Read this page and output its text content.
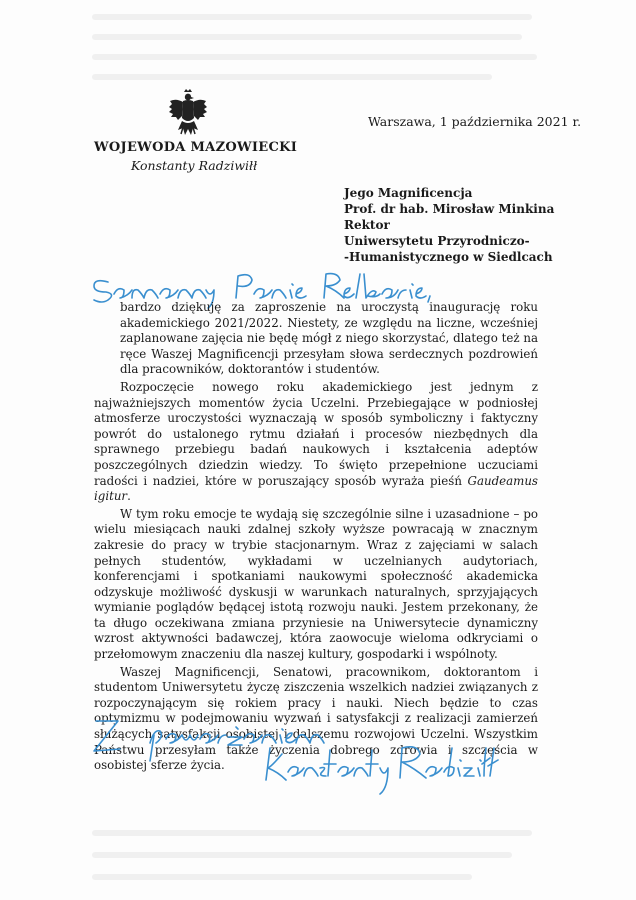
Warszawa, 1 października 2021 r.
WOJEWODA MAZOWIECKI
Konstanty Radziwiłł
Jego Magnificencja
Prof. dr hab. Mirosław Minkina
Rektor
Uniwersytetu Przyrodniczo-
-Humanistycznego w Siedlcach

bardzo dziękuję za zaproszenie na uroczystą inaugurację roku akademickiego 2021/2022. Niestety, ze względu na liczne, wcześniej zaplanowane zajęcia nie będę mógł z niego skorzystać, dlatego też na ręce Waszej Magnificencji przesyłam słowa serdecznych pozdrowień dla pracowników, doktorantów i studentów.

Rozpoczęcie nowego roku akademickiego jest jednym z najważniejszych momentów życia Uczelni. Przebiegające w podniosłej atmosferze uroczystości wyznaczają w sposób symboliczny i faktyczny powrót do ustalonego rytmu działań i procesów niezbędnych dla sprawnego przebiegu badań naukowych i kształcenia adeptów poszczególnych dziedzin wiedzy. To święto przepełnione uczuciami radości i nadziei, które w poruszający sposób wyraża pieśń Gaudeamus igitur.

W tym roku emocje te wydają się szczególnie silne i uzasadnione – po wielu miesiącach nauki zdalnej szkoły wyższe powracają w znacznym zakresie do pracy w trybie stacjonarnym. Wraz z zajęciami w salach pełnych studentów, wykładami w uczelnianych audytoriach, konferencjami i spotkaniami naukowymi społeczność akademicka odzyskuje możliwość dyskusji w warunkach naturalnych, sprzyjających wymianie poglądów będącej istotą rozwoju nauki. Jestem przekonany, że ta długo oczekiwana zmiana przyniesie na Uniwersytecie dynamiczny wzrost aktywności badawczej, która zaowocuje wieloma odkryciami o przełomowym znaczeniu dla naszej kultury, gospodarki i wspólnoty.

Waszej Magnificencji, Senatowi, pracownikom, doktorantom i studentom Uniwersytetu życzę ziszczenia wszelkich nadziei związanych z rozpoczynającym się rokiem pracy i nauki. Niech będzie to czas optymizmu w podejmowaniu wyzwań i satysfakcji z realizacji zamierzeń służących satysfakcji osobistej i dalszemu rozwojowi Uczelni. Wszystkim Państwu przesyłam także życzenia dobrego zdrowia i szczęścia w osobistej sferze życia.
